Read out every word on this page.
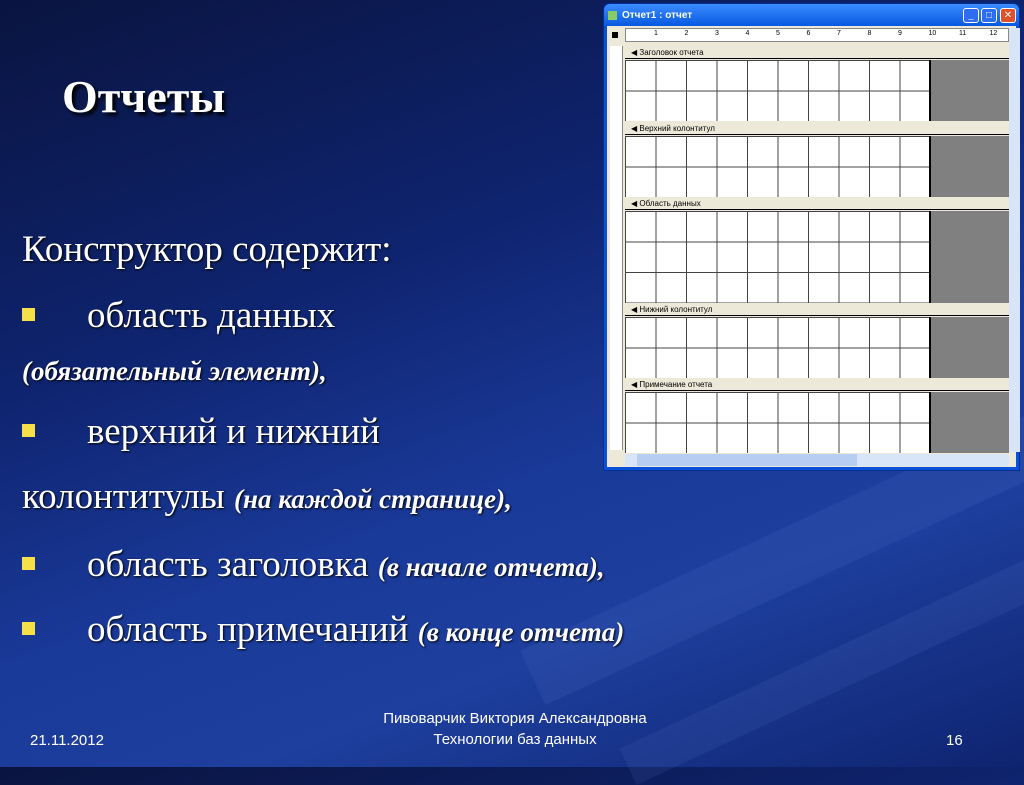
Отчеты
Конструктор содержит:
область данных
(обязательный элемент),
верхний и нижний
колонтитулы (на каждой странице),
область заголовка (в начале отчета),
область примечаний (в конце отчета)
21.11.2012
Пивоварчик Виктория Александровна
Технологии баз данных	16
Отчет1 : отчет	_	□	✕
1	2	3	4	5	6	7	8	9	10	11	12
◀ Заголовок отчета
◀ Верхний колонтитул
◀ Область данных
◀ Нижний колонтитул
◀ Примечание отчета
